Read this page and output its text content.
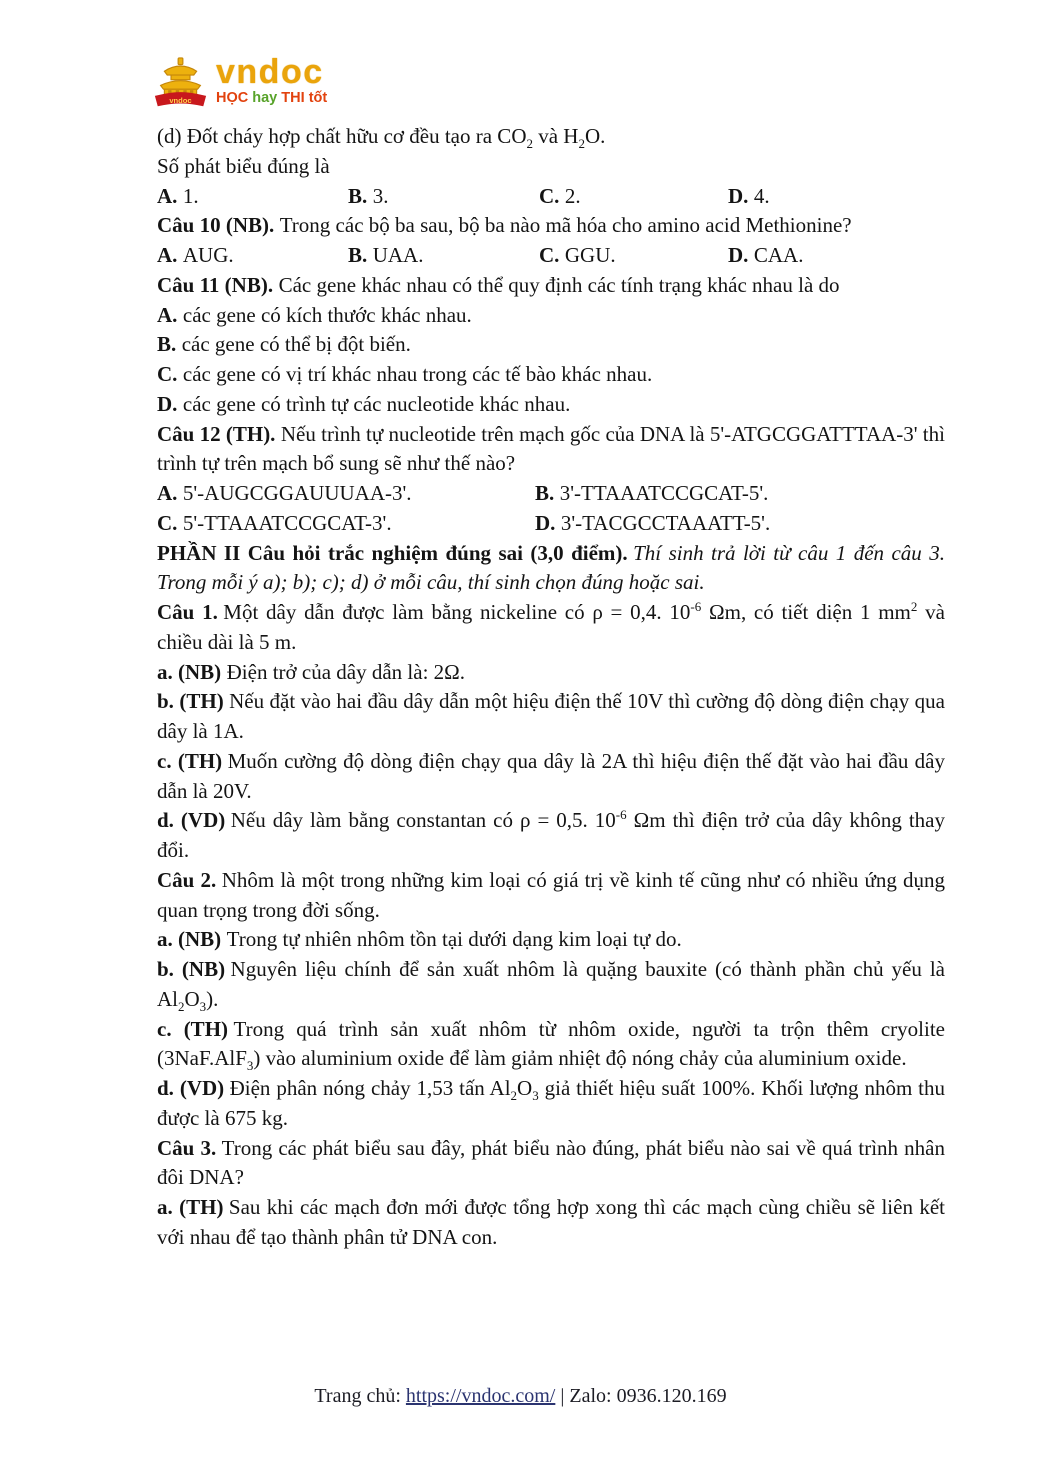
vndoc
vndoc
HỌC hay THI tốt

(d) Đốt cháy hợp chất hữu cơ đều tạo ra $CO_2$ và $H_2O$.

Số phát biểu đúng là

A. 1.	B. 3.	C. 2.	D. 4.

Câu 10 (NB). Trong các bộ ba sau, bộ ba nào mã hóa cho amino acid Methionine?

A. AUG.	B. UAA.	C. GGU.	D. CAA.

Câu 11 (NB). Các gene khác nhau có thể quy định các tính trạng khác nhau là do

A. các gene có kích thước khác nhau.

B. các gene có thể bị đột biến.

C. các gene có vị trí khác nhau trong các tế bào khác nhau.

D. các gene có trình tự các nucleotide khác nhau.

Câu 12 (TH). Nếu trình tự nucleotide trên mạch gốc của DNA là 5'-ATGCGGATTTAA-3' thì trình tự trên mạch bổ sung sẽ như thế nào?

A. 5'-AUGCGGAUUUAA-3'.	B. 3'-TTAAATCCGCAT-5'.
C. 5'-TTAAATCCGCAT-3'.	D. 3'-TACGCCTAAATT-5'.

PHẦN II Câu hỏi trắc nghiệm đúng sai (3,0 điểm). Thí sinh trả lời từ câu 1 đến câu 3. Trong mỗi ý a); b); c); d) ở mỗi câu, thí sinh chọn đúng hoặc sai.

Câu 1. Một dây dẫn được làm bằng nickeline có ρ = 0,4. $10^{-6}$ Ωm, có tiết diện 1 $mm^2$ và chiều dài là 5 m.

a. (NB) Điện trở của dây dẫn là: 2Ω.

b. (TH) Nếu đặt vào hai đầu dây dẫn một hiệu điện thế 10V thì cường độ dòng điện chạy qua dây là 1A.

c. (TH) Muốn cường độ dòng điện chạy qua dây là 2A thì hiệu điện thế đặt vào hai đầu dây dẫn là 20V.

d. (VD) Nếu dây làm bằng constantan có ρ = 0,5. $10^{-6}$ Ωm thì điện trở của dây không thay đổi.

Câu 2. Nhôm là một trong những kim loại có giá trị về kinh tế cũng như có nhiều ứng dụng quan trọng trong đời sống.

a. (NB) Trong tự nhiên nhôm tồn tại dưới dạng kim loại tự do.

b. (NB) Nguyên liệu chính để sản xuất nhôm là quặng bauxite (có thành phần chủ yếu là $Al_2O_3$).

c. (TH) Trong quá trình sản xuất nhôm từ nhôm oxide, người ta trộn thêm cryolite (3NaF.AlF$_3$) vào aluminium oxide để làm giảm nhiệt độ nóng chảy của aluminium oxide.

d. (VD) Điện phân nóng chảy 1,53 tấn $Al_2O_3$ giả thiết hiệu suất 100%. Khối lượng nhôm thu được là 675 kg.

Câu 3. Trong các phát biểu sau đây, phát biểu nào đúng, phát biểu nào sai về quá trình nhân đôi DNA?

a. (TH) Sau khi các mạch đơn mới được tổng hợp xong thì các mạch cùng chiều sẽ liên kết với nhau để tạo thành phân tử DNA con.

Trang chủ: https://vndoc.com/ | Zalo: 0936.120.169
